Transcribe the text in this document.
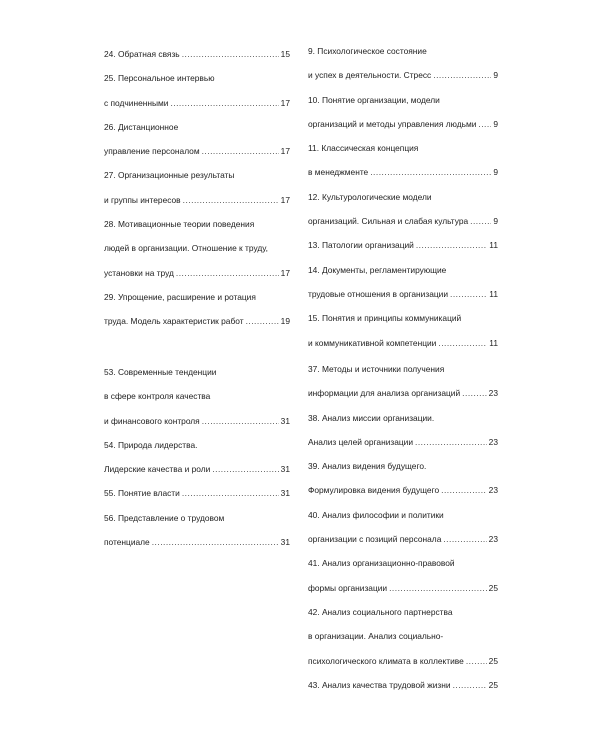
24. Обратная связь .....	15
25. Персональное интервью
с подчиненными .....	17
26. Дистанционное
управление персоналом .....	17
27. Организационные результаты
и группы интересов .....	17
28. Мотивационные теории поведения
людей в организации. Отношение к труду,
установки на труд .....	17
29. Упрощение, расширение и ротация
труда. Модель характеристик работ .....	19
9. Психологическое состояние
и успех в деятельности. Стресс .....	9
10. Понятие организации, модели
организаций и методы управления людьми ..... 9
11. Классическая концепция
в менеджменте .....	9
12. Культурологические модели
организаций. Сильная и слабая культура .....	9
13. Патологии организаций .....	11
14. Документы, регламентирующие
трудовые отношения в организации .....	11
15. Понятия и принципы коммуникаций
и коммуникативной компетенции .....	11
53. Современные тенденции
в сфере контроля качества
и финансового контроля .....	31
54. Природа лидерства.
Лидерские качества и роли .....	31
55. Понятие власти .....	31
56. Представление о трудовом
потенциале .....	31
37. Методы и источники получения
информации для анализа организаций .....	23
38. Анализ миссии организации.
Анализ целей организации .....	23
39. Анализ видения будущего.
Формулировка видения будущего .....	23
40. Анализ философии и политики
организации с позиций персонала .....	23
41. Анализ организационно-правовой
формы организации .....	25
42. Анализ социального партнерства
в организации. Анализ социально-
психологического климата в коллективе .....	25
43. Анализ качества трудовой жизни .....	25
